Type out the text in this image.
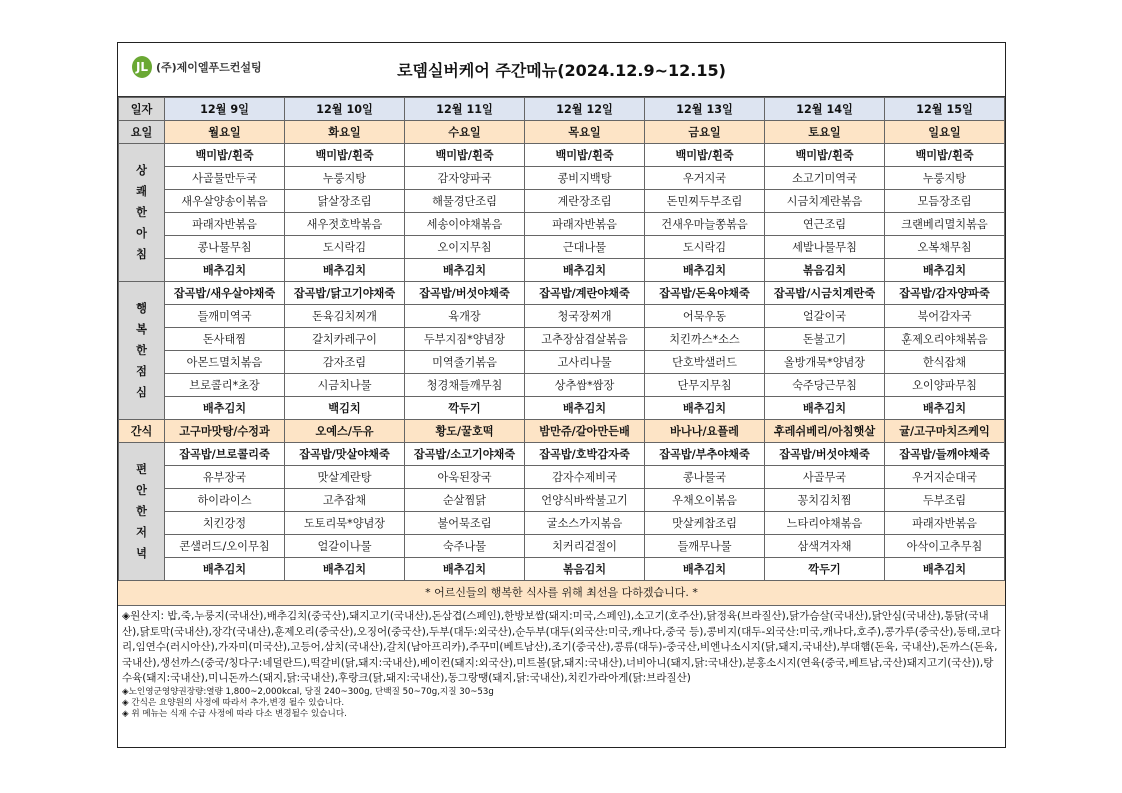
JL (주)제이엘푸드컨설팅	로뎀실버케어 주간메뉴(2024.12.9~12.15)
일자	12월 9일	12월 10일	12월 11일	12월 12일	12월 13일	12월 14일	12월 15일
요일	월요일	화요일	수요일	목요일	금요일	토요일	일요일

상
쾌
한
아
침	백미밥/흰죽	백미밥/흰죽	백미밥/흰죽	백미밥/흰죽	백미밥/흰죽	백미밥/흰죽	백미밥/흰죽
	사골물만두국	누룽지탕	감자양파국	콩비지백탕	우거지국	소고기미역국	누룽지탕
	새우살양송이볶음	닭살장조림	해물경단조림	계란장조림	돈민찌두부조림	시금치계란볶음	모듬장조림
	파래자반볶음	새우젓호박볶음	세송이야채볶음	파래자반볶음	건새우마늘쫑볶음	연근조림	크랜베리멸치볶음
	콩나물무침	도시락김	오이지무침	근대나물	도시락김	세발나물무침	오복채무침
	배추김치	배추김치	배추김치	배추김치	배추김치	볶음김치	배추김치

행
복
한
점
심	잡곡밥/새우살야채죽	잡곡밥/닭고기야채죽	잡곡밥/버섯야채죽	잡곡밥/계란야채죽	잡곡밥/돈육야채죽	잡곡밥/시금치계란죽	잡곡밥/감자양파죽
	들깨미역국	돈육김치찌개	육개장	청국장찌개	어묵우동	얼갈이국	북어감자국
	돈사태찜	갈치카레구이	두부지짐*양념장	고추장삼겹살볶음	치킨까스*소스	돈불고기	훈제오리야채볶음
	아몬드멸치볶음	감자조림	미역줄기볶음	고사리나물	단호박샐러드	올방개묵*양념장	한식잡채
	브로콜리*초장	시금치나물	청경채들깨무침	상추쌈*쌈장	단무지무침	숙주당근무침	오이양파무침
	배추김치	백김치	깍두기	배추김치	배추김치	배추김치	배추김치
간식	고구마맛탕/수정과	오예스/두유	황도/꿀호떡	밤만쥬/갈아만든배	바나나/요플레	후레쉬베리/아침햇살	귤/고구마치즈케익

편
안
한
저
녁	잡곡밥/브로콜리죽	잡곡밥/맛살야채죽	잡곡밥/소고기야채죽	잡곡밥/호박감자죽	잡곡밥/부추야채죽	잡곡밥/버섯야채죽	잡곡밥/들깨야채죽
	유부장국	맛살계란탕	아욱된장국	감자수제비국	콩나물국	사골무국	우거지순대국
	하이라이스	고추잡채	순살찜닭	언양식바싹불고기	우채오이볶음	꽁치김치찜	두부조림
	치킨강정	도토리묵*양념장	불어묵조림	굴소스가지볶음	맛살케찹조림	느타리야채볶음	파래자반볶음
	콘샐러드/오이무침	얼갈이나물	숙주나물	치커리겉절이	들깨무나물	삼색겨자채	아삭이고추무침
	배추김치	배추김치	배추김치	볶음김치	배추김치	깍두기	배추김치
* 어르신들의 행복한 식사를 위해 최선을 다하겠습니다. *
◈원산지: 밥,죽,누룽지(국내산),배추김치(중국산),돼지고기(국내산),돈삼겹(스페인),한방보쌈(돼지:미국,스페인),소고기(호주산),닭정육(브라질산),닭가슴살(국내산),닭안심(국내산),통닭(국내산),닭토막(국내산),장각(국내산),훈제오리(중국산),오징어(중국산),두부(대두:외국산),순두부(대두(외국산:미국,캐나다,중국 등),콩비지(대두-외국산:미국,캐나다,호주),콩가루(중국산),동태,코다리,임연수(러시아산),가자미(미국산),고등어,삼치(국내산),갈치(남아프리카),주꾸미(베트남산),조기(중국산),콩류(대두)-중국산,비엔나소시지(닭,돼지,국내산),부대햄(돈육, 국내산),돈까스(돈육,국내산),생선까스(중국/칭다구:네덜란드),떡갈비(닭,돼지:국내산),베이컨(돼지:외국산),미트볼(닭,돼지:국내산),너비아니(돼지,닭:국내산),분홍소시지(연육(중국,베트남,국산)돼지고기(국산)),탕수육(돼지:국내산),미니돈까스(돼지,닭:국내산),후랑크(닭,돼지:국내산),동그랑땡(돼지,닭:국내산),치킨가라아게(닭:브라질산)
◈노인영군영양권장량:열량 1,800~2,000kcal, 당질 240~300g, 단백질 50~70g,지질 30~53g
◈ 간식은 요양원의 사정에 따라서 추가,변경 될수 있습니다.
◈ 위 메뉴는 식재 수급 사정에 따라 다소 변경될수 있습니다.
